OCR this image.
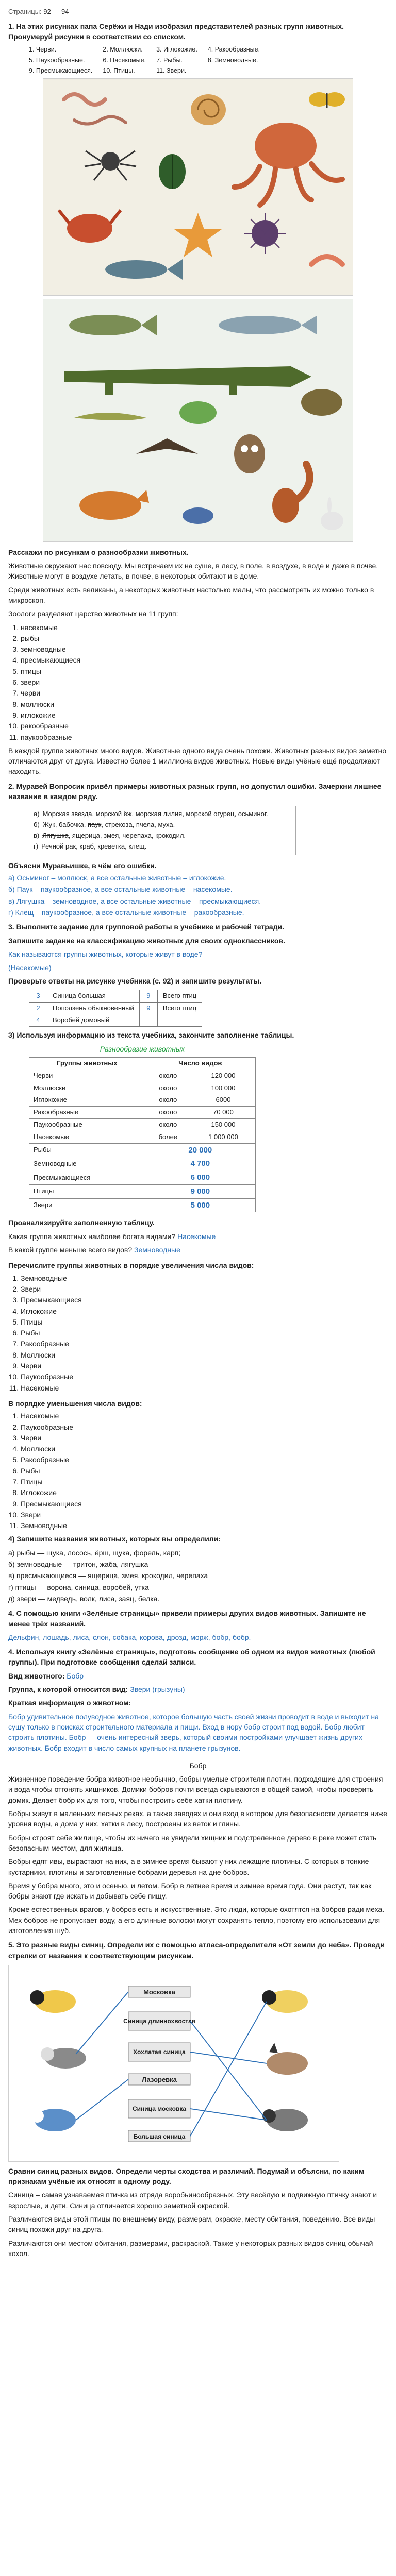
Страницы: 92 — 94
1. На этих рисунках папа Серёжи и Нади изобразил представителей разных групп животных. Пронумеруй рисунки в соответствии со списком.
1. Черви.	2. Моллюски.	3. Иглокожие. 4. Ракообразные.
5. Паукообразные.	6. Насекомые. 7. Рыбы.	8. Земноводные.
9. Пресмыкающиеся. 10. Птицы.	11. Звери.
Расскажи по рисункам о разнообразии животных.

Животные окружают нас повсюду. Мы встречаем их на суше, в лесу, в поле, в воздухе, в воде и даже в почве. Животные могут в воздухе летать, в почве, в некоторых обитают и в доме.

Среди животных есть великаны, а некоторых животных настолько малы, что рассмотреть их можно только в микроскоп.

Зоологи разделяют царство животных на 11 групп:

1. насекомые
2. рыбы
3. земноводные
4. пресмыкающиеся
5. птицы
6. звери
7. черви
8. моллюски
9. иглокожие
10. ракообразные
11. паукообразные

В каждой группе животных много видов. Животные одного вида очень похожи. Животных разных видов заметно отличаются друг от друга. Известно более 1 миллиона видов животных. Новые виды учёные ещё продолжают находить.

2. Муравей Вопросик привёл примеры животных разных групп, но допустил ошибки. Зачеркни лишнее название в каждом ряду.
а) Морская звезда, морской ёж, морская лилия, морской огурец, осьминог.
б) Жук, бабочка, паук, стрекоза, пчела, муха.
в) Лягушка, ящерица, змея, черепаха, крокодил.
г) Речной рак, краб, креветка, клещ.
Объясни Муравьишке, в чём его ошибки.
а) Осьминог – моллюск, а все остальные животные – иглокожие.
б) Паук – паукообразное, а все остальные животные – насекомые.
в) Лягушка – земноводное, а все остальные животные – пресмыкающиеся.
г) Клещ – паукообразное, а все остальные животные – ракообразные.
3. Выполните задание для групповой работы в учебнике и рабочей тетради.

Запишите задание на классификацию животных для своих одноклассников.

Как называются группы животных, которые живут в воде?

(Насекомые)

Проверьте ответы на рисунке учебника (с. 92) и запишите результаты.

3	Синица большая	9	Всего птиц
2	Поползень обыкновенный	9	Всего птиц
4	Воробей домовый		

3) Используя информацию из текста учебника, закончите заполнение таблицы.

Разнообразие животных
Группы животных	Число видов	
Черви	около	120 000
Моллюски	около	100 000
Иглокожие	около	6000
Ракообразные	около	70 000
Паукообразные	около	150 000
Насекомые	более	1 000 000
Рыбы	20 000	
Земноводные	4 700	
Пресмыкающиеся	6 000	
Птицы	9 000	
Звери	5 000	
Проанализируйте заполненную таблицу.

Какая группа животных наиболее богата видами? Насекомые

В какой группе меньше всего видов? Земноводные

Перечислите группы животных в порядке увеличения числа видов:
1. Земноводные
2. Звери
3. Пресмыкающиеся
4. Иглокожие
5. Птицы
6. Рыбы
7. Ракообразные
8. Моллюски
9. Черви
10. Паукообразные
11. Насекомые
В порядке уменьшения числа видов:
1. Насекомые
2. Паукообразные
3. Черви
4. Моллюски
5. Ракообразные
6. Рыбы
7. Птицы
8. Иглокожие
9. Пресмыкающиеся
10. Звери
11. Земноводные

4) Запишите названия животных, которых вы определили:

а) рыбы — щука, лосось, ёрш, щука, форель, карп;
б) земноводные — тритон, жаба, лягушка
в) пресмыкающиеся — ящерица, змея, крокодил, черепаха
г) птицы — ворона, синица, воробей, утка
д) звери — медведь, волк, лиса, заяц, белка.
4. С помощью книги «Зелёные страницы» привели примеры других видов животных. Запишите не менее трёх названий.

Дельфин, лошадь, лиса, слон, собака, корова, дрозд, морж, бобр, бобр.

4. Используя книгу «Зелёные страницы», подготовь сообщение об одном из видов животных (любой группы). При подготовке сообщения сделай записи.

Вид животного: Бобр

Группа, к которой относится вид: Звери (грызуны)

Краткая информация о животном:

Бобр удивительное полуводное животное, которое большую часть своей жизни проводит в воде и выходит на сушу только в поисках строительного материала и пищи. Вход в нору бобр строит под водой. Бобр любит строить плотины. Бобр — очень интересный зверь, который своими постройками улучшает жизнь других животных. Бобр входит в число самых крупных на планете грызунов.

Бобр

Жизненное поведение бобра животное необычно, бобры умелые строители плотин, подходящие для строения и вода чтобы отгонять хищников. Домики бобров почти всегда скрываются в общей самой, чтобы проверить домик. Делает бобр их для того, чтобы построить себе хатки плотину.

Бобры живут в маленьких лесных реках, а также заводях и они вход в котором для безопасности делается ниже уровня воды, а дома у них, хатки в лесу, построены из веток и глины.

Бобры строят себе жилище, чтобы их ничего не увидели хищник и подстреленное дерево в реке может стать безопасным местом, для жилища.

Бобры едят ивы, вырастают на них, а в зимнее время бывают у них лежащие плотины. С которых в тонкие кустарники, плотины и заготовленные бобрами деревья на дне бобров.

Время у бобра много, это и осенью, и летом. Бобр в летнее время и зимнее время года. Они растут, так как бобры знают где искать и добывать себе пищу.

Кроме естественных врагов, у бобров есть и искусственные. Это люди, которые охотятся на бобров ради меха. Мех бобров не пропускает воду, а его длинные волоски могут сохранять тепло, поэтому его использовали для изготовления шуб.

5. Это разные виды синиц. Определи их с помощью атласа-определителя «От земли до неба». Проведи стрелки от названия к соответствующим рисункам.
Московка
Синица длиннохвостая
Хохлатая синица
Лазоревка
Синица московка
Большая синица

Сравни синиц разных видов. Определи черты сходства и различий. Подумай и объясни, по каким признакам учёные их относят к одному роду.

Синица – самая узнаваемая птичка из отряда воробьинообразных. Эту весёлую и подвижную птичку знают и взрослые, и дети. Синица отличается хорошо заметной окраской.

Различаются виды этой птицы по внешнему виду, размерам, окраске, месту обитания, поведению. Все виды синиц похожи друг на друга.

Различаются они местом обитания, размерами, раскраской. Также у некоторых разных видов синиц обычай хохол.
